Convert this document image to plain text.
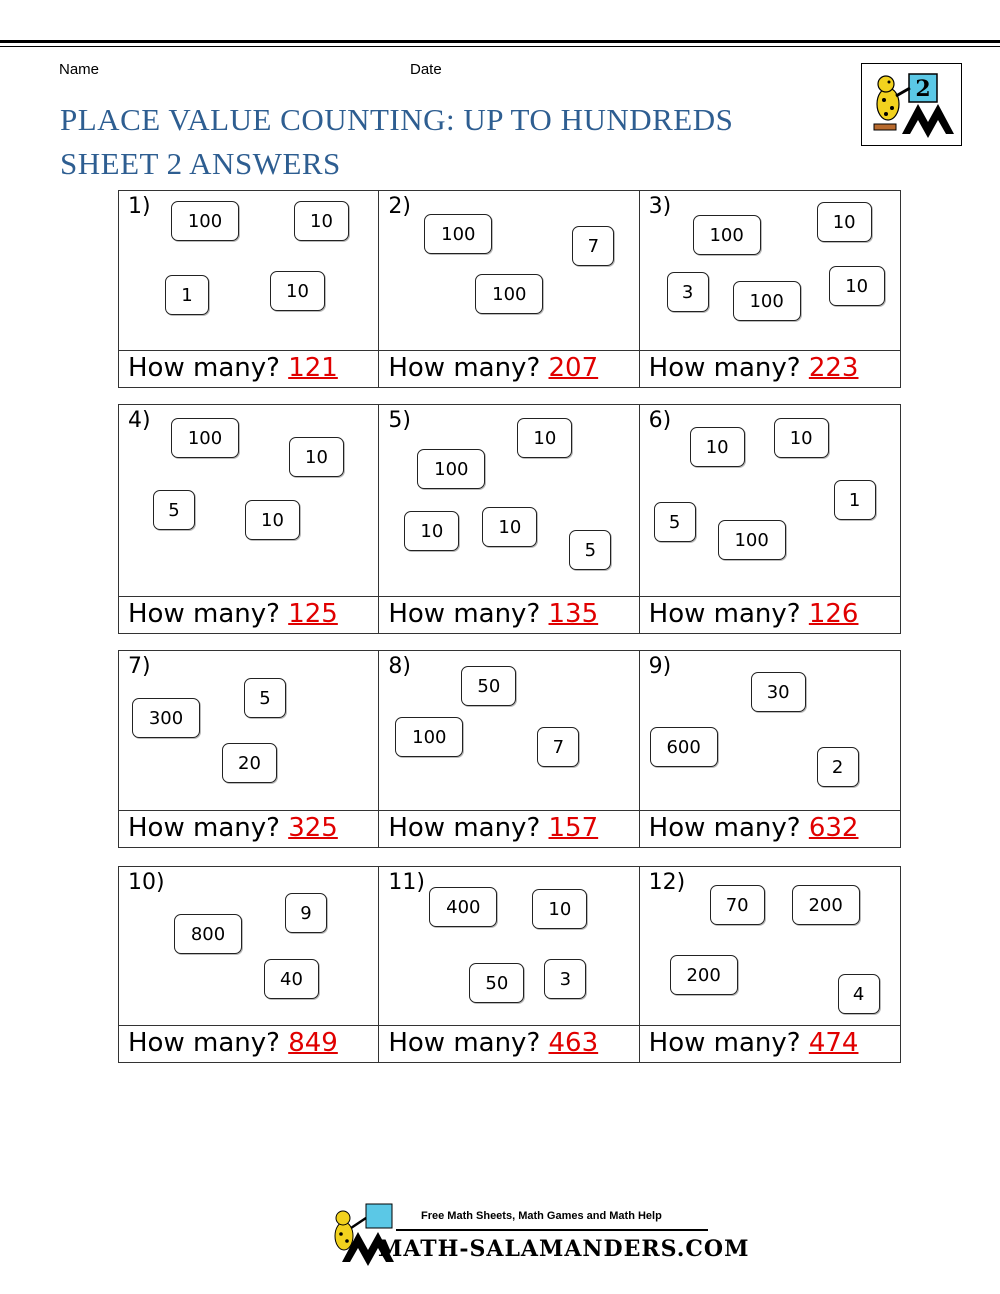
Name	Date
PLACE VALUE COUNTING: UP TO HUNDREDS
SHEET 2 ANSWERS
2
1)
100	10
1	10
2)
100
7
100
3)
100
10
3	100
10
How many? 121 How many? 207 How many? 223
4)
100
10
5	10
5)
10
100
10	10
5
6)
10	10
1
5
100
How many? 125 How many? 135 How many? 126
7)
300
5
20
8)
50
100	7
9)
30
600
2
How many? 325 How many? 157 How many? 632
10)
9
800
40
11)
400	10
50	3
12)
70	200
200
4
How many? 849 How many? 463 How many? 474
Free Math Sheets, Math Games and Math Help
MATH-SALAMANDERS.COM
